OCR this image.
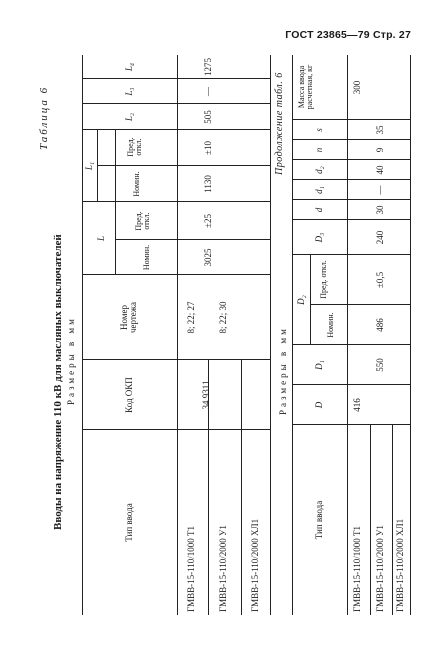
ГОСТ 23865—79 Стр. 27
Таблица 6
Вводы на напряжение 110 кВ для масляных выключателей Размеры в мм
Тип ввода
Код ОКП
Номер чертежа
L
Номин.
Пред. откл.
L₁
Номин.
Пред. откл.
L₂
L₃
L₄
ГМВВ-15-110/1000 Т1 ГМВВ-15-110/2000 У1 ГМВВ-15-110/2000 ХЛ1
8; 22; 27 8; 22; 30
34 9311
3025
±25
1130
±10
505
—
1275
Размеры в мм
Продолжение табл. 6
Тип ввода
D
D₁
D₂
Номин.
Пред. откл.
D₃
d
d₁
d₂
n
s
Масса ввода расчетная, кг
ГМВВ-15-110/1000 Т1 ГМВВ-15-110/2000 У1 ГМВВ-15-110/2000 ХЛ1
416
550
486
±0,5
240
30
—
40
9
35
300
